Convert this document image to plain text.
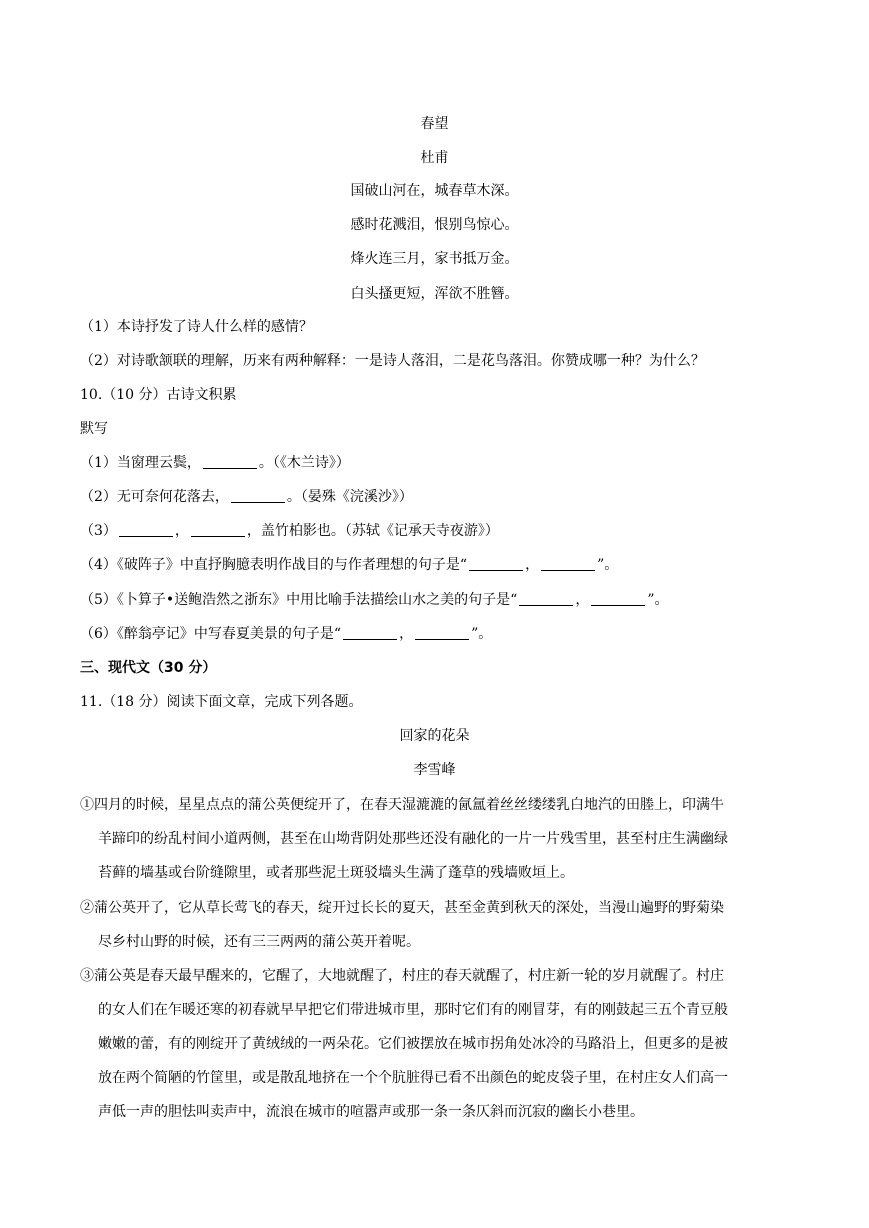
春望
杜甫
国破山河在，城春草木深。
感时花溅泪，恨别鸟惊心。
烽火连三月，家书抵万金。
白头搔更短，浑欲不胜簪。
（1）本诗抒发了诗人什么样的感情？
（2）对诗歌颔联的理解，历来有两种解释：一是诗人落泪，二是花鸟落泪。你赞成哪一种？为什么？
10.（10 分）古诗文积累
默写
（1）当窗理云鬓，	。（《木兰诗》）
（2）无可奈何花落去，	。（晏殊《浣溪沙》）
（3）	，	，盖竹柏影也。（苏轼《记承天寺夜游》）
（4）《破阵子》中直抒胸臆表明作战目的与作者理想的句子是“	，	”。
（5）《卜算子•送鲍浩然之浙东》中用比喻手法描绘山水之美的句子是“	，	”。
（6）《醉翁亭记》中写春夏美景的句子是“	，	”。
三、现代文（30 分）
11.（18 分）阅读下面文章，完成下列各题。
回家的花朵
李雪峰
①四月的时候，星星点点的蒲公英便绽开了，在春天湿漉漉的氤氲着丝丝缕缕乳白地汽的田塍上，印满牛
羊蹄印的纷乱村间小道两侧，甚至在山坳背阴处那些还没有融化的一片一片残雪里，甚至村庄生满幽绿
苔藓的墙基或台阶缝隙里，或者那些泥土斑驳墙头生满了蓬草的残墙败垣上。
②蒲公英开了，它从草长莺飞的春天，绽开过长长的夏天，甚至金黄到秋天的深处，当漫山遍野的野菊染
尽乡村山野的时候，还有三三两两的蒲公英开着呢。
③蒲公英是春天最早醒来的，它醒了，大地就醒了，村庄的春天就醒了，村庄新一轮的岁月就醒了。村庄
的女人们在乍暖还寒的初春就早早把它们带进城市里，那时它们有的刚冒芽，有的刚鼓起三五个青豆般
嫩嫩的蕾，有的刚绽开了黄绒绒的一两朵花。它们被摆放在城市拐角处冰冷的马路沿上，但更多的是被
放在两个简陋的竹筐里，或是散乱地挤在一个个肮脏得已看不出颜色的蛇皮袋子里，在村庄女人们高一
声低一声的胆怯叫卖声中，流浪在城市的喧嚣声或那一条一条仄斜而沉寂的幽长小巷里。
